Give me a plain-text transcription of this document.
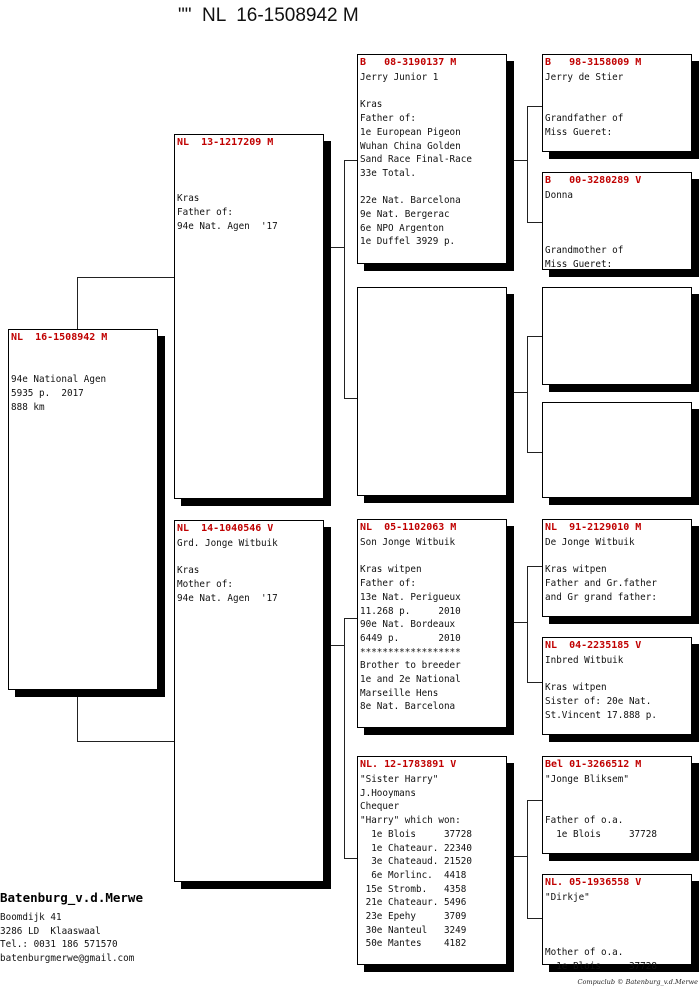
""  NL  16-1508942 M
NL  16-1508942 M

94e National Agen
5935 p.  2017
888 km
NL  13-1217209 M

Kras
Father of:
94e Nat. Agen  '17
NL  14-1040546 V
Grd. Jonge Witbuik

Kras
Mother of:
94e Nat. Agen  '17
B   08-3190137 M
Jerry Junior 1

Kras
Father of:
1e European Pigeon
Wuhan China Golden
Sand Race Final-Race
33e Total.

22e Nat. Barcelona
9e Nat. Bergerac
6e NPO Argenton
1e Duffel 3929 p.
NL  05-1102063 M
Son Jonge Witbuik

Kras witpen
Father of:
13e Nat. Perigueux
11.268 p.     2010
90e Nat. Bordeaux
6449 p.       2010
******************
Brother to breeder
1e and 2e National
Marseille Hens
8e Nat. Barcelona
NL. 12-1783891 V
"Sister Harry"
J.Hooymans
Chequer
"Harry" which won:
1e Blois     37728
1e Chateaur. 22340
3e Chateaud. 21520
6e Morlinc.  4418
15e Stromb.   4358
21e Chateaur. 5496
23e Epehy     3709
30e Nanteul   3249
50e Mantes    4182
B   98-3158009 M
Jerry de Stier

Grandfather of
Miss Gueret:
B   00-3280289 V
Donna

Grandmother of
Miss Gueret:
NL  91-2129010 M
De Jonge Witbuik

Kras witpen
Father and Gr.father
and Gr grand father:
NL  04-2235185 V
Inbred Witbuik

Kras witpen
Sister of: 20e Nat.
St.Vincent 17.888 p.
Bel 01-3266512 M
"Jonge Bliksem"

Father of o.a.
1e Blois     37728
NL. 05-1936558 V
"Dirkje"

Mother of o.a.
1e Blois     37728
Batenburg_v.d.Merwe
Boomdijk 41
3286 LD  Klaaswaal
Tel.: 0031 186 571570
batenburgmerwe@gmail.com
Compuclub © Batenburg_v.d.Merwe
